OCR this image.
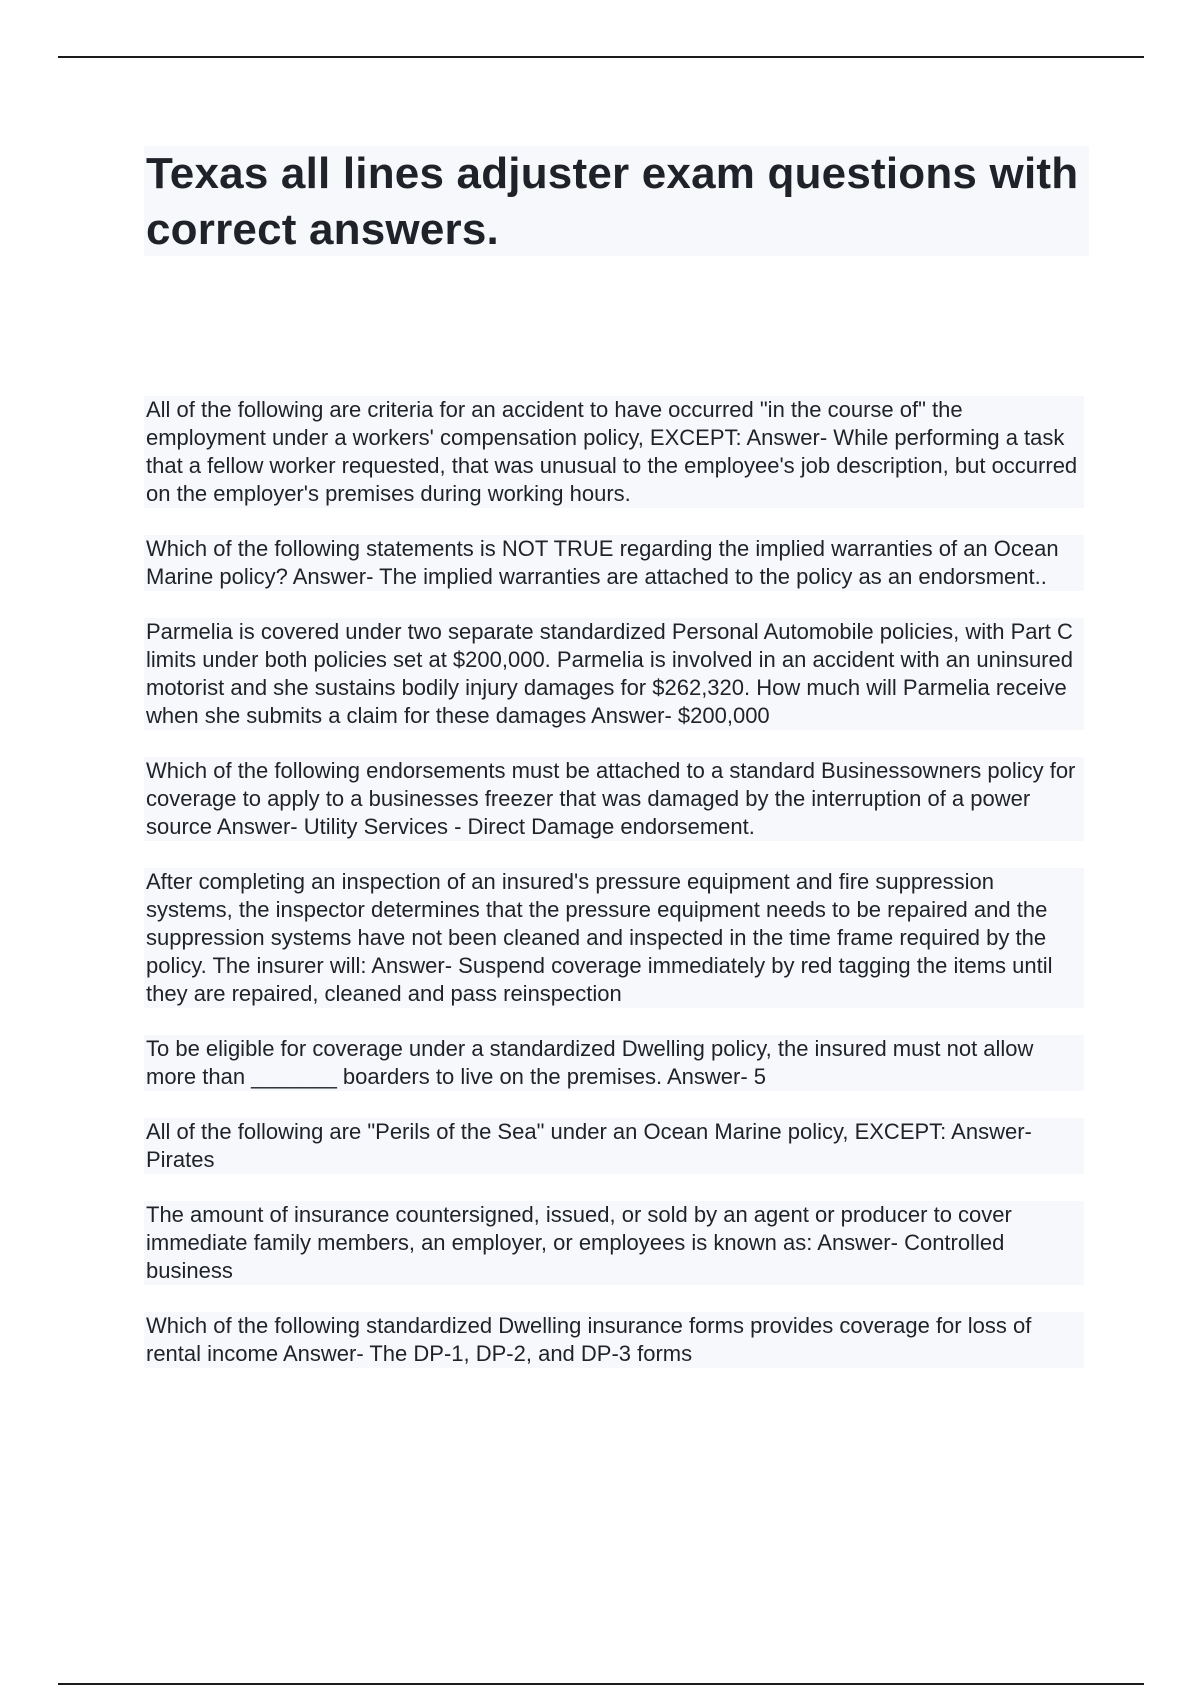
Texas all lines adjuster exam questions with correct answers.

All of the following are criteria for an accident to have occurred "in the course of" the employment under a workers' compensation policy, EXCEPT: Answer- While performing a task that a fellow worker requested, that was unusual to the employee's job description, but occurred on the employer's premises during working hours.

Which of the following statements is NOT TRUE regarding the implied warranties of an Ocean Marine policy? Answer- The implied warranties are attached to the policy as an endorsment..

Parmelia is covered under two separate standardized Personal Automobile policies, with Part C limits under both policies set at $200,000. Parmelia is involved in an accident with an uninsured motorist and she sustains bodily injury damages for $262,320. How much will Parmelia receive when she submits a claim for these damages Answer- $200,000

Which of the following endorsements must be attached to a standard Businessowners policy for coverage to apply to a businesses freezer that was damaged by the interruption of a power source Answer- Utility Services - Direct Damage endorsement.

After completing an inspection of an insured's pressure equipment and fire suppression systems, the inspector determines that the pressure equipment needs to be repaired and the suppression systems have not been cleaned and inspected in the time frame required by the policy. The insurer will: Answer- Suspend coverage immediately by red tagging the items until they are repaired, cleaned and pass reinspection

To be eligible for coverage under a standardized Dwelling policy, the insured must not allow more than _______ boarders to live on the premises. Answer- 5

All of the following are "Perils of the Sea" under an Ocean Marine policy, EXCEPT: Answer- Pirates

The amount of insurance countersigned, issued, or sold by an agent or producer to cover immediate family members, an employer, or employees is known as: Answer- Controlled business

Which of the following standardized Dwelling insurance forms provides coverage for loss of rental income Answer- The DP-1, DP-2, and DP-3 forms
